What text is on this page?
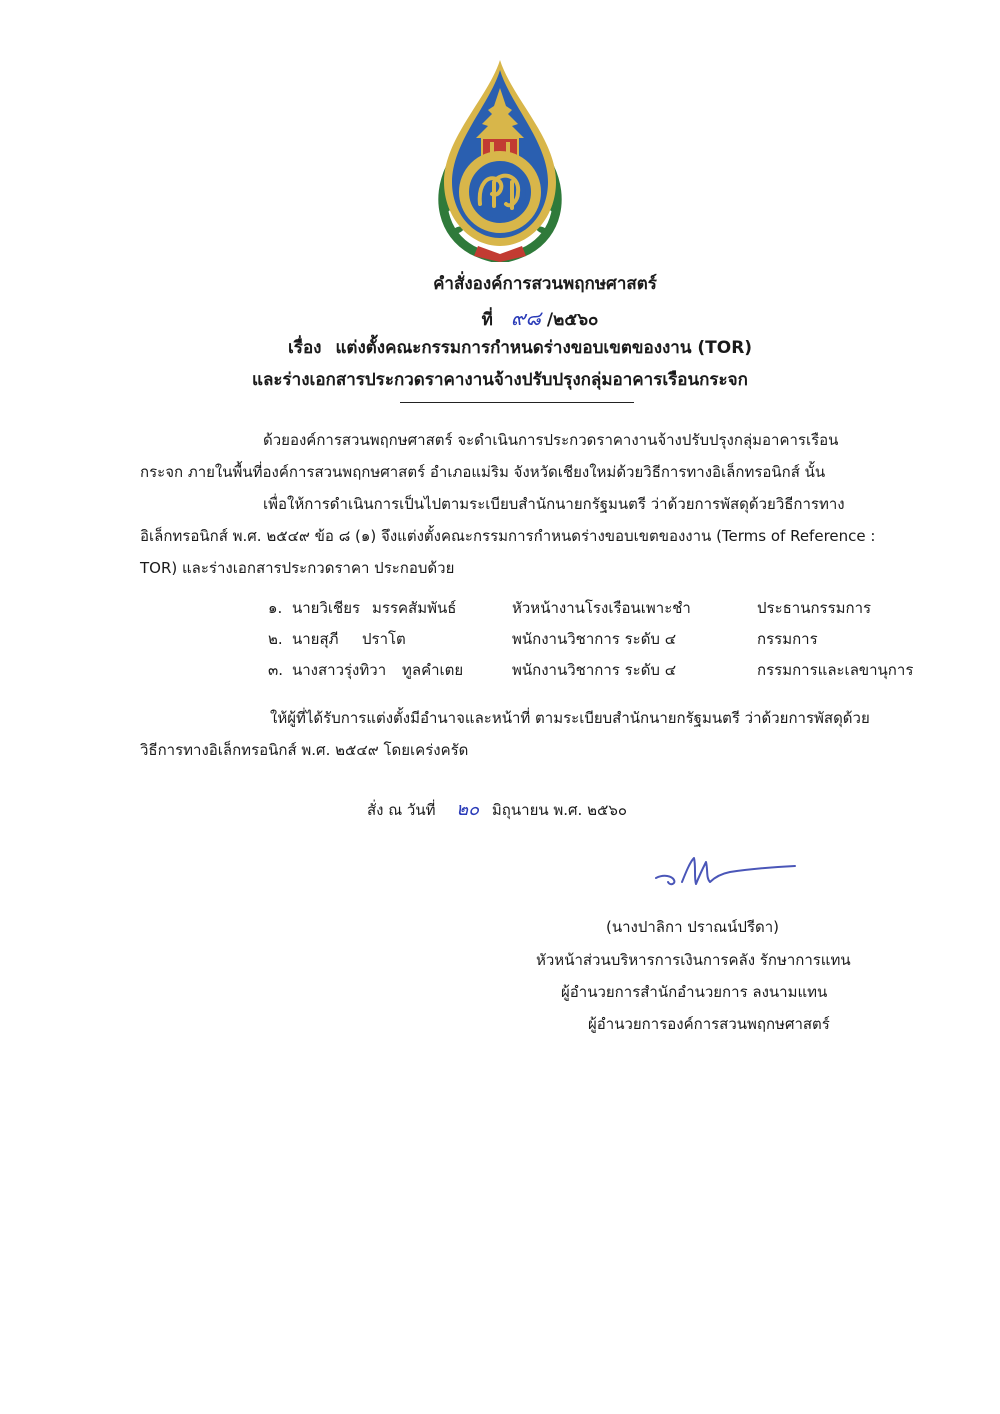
คำสั่งองค์การสวนพฤกษศาสตร์
ที่ ๙๘ /๒๕๖๐
เรื่อง แต่งตั้งคณะกรรมการกำหนดร่างขอบเขตของงาน (TOR)
และร่างเอกสารประกวดราคางานจ้างปรับปรุงกลุ่มอาคารเรือนกระจก
ด้วยองค์การสวนพฤกษศาสตร์ จะดำเนินการประกวดราคางานจ้างปรับปรุงกลุ่มอาคารเรือน
กระจก ภายในพื้นที่องค์การสวนพฤกษศาสตร์ อำเภอแม่ริม จังหวัดเชียงใหม่ด้วยวิธีการทางอิเล็กทรอนิกส์ นั้น
เพื่อให้การดำเนินการเป็นไปตามระเบียบสำนักนายกรัฐมนตรี ว่าด้วยการพัสดุด้วยวิธีการทาง
อิเล็กทรอนิกส์ พ.ศ. ๒๕๔๙ ข้อ ๘ (๑) จึงแต่งตั้งคณะกรรมการกำหนดร่างขอบเขตของงาน (Terms of Reference :
TOR) และร่างเอกสารประกวดราคา ประกอบด้วย
๑. นายวิเชียร มรรคสัมพันธ์	หัวหน้างานโรงเรือนเพาะชำ	ประธานกรรมการ
๒. นายสุภี ปราโต	พนักงานวิชาการ ระดับ ๔	กรรมการ
๓. นางสาวรุ่งทิวา ทูลคำเตย	พนักงานวิชาการ ระดับ ๔	กรรมการและเลขานุการ
ให้ผู้ที่ได้รับการแต่งตั้งมีอำนาจและหน้าที่ ตามระเบียบสำนักนายกรัฐมนตรี ว่าด้วยการพัสดุด้วย
วิธีการทางอิเล็กทรอนิกส์ พ.ศ. ๒๕๔๙ โดยเคร่งครัด
สั่ง ณ วันที่ ๒๐ มิถุนายน พ.ศ. ๒๕๖๐
(นางปาลิกา ปราณน์ปรีดา)
หัวหน้าส่วนบริหารการเงินการคลัง รักษาการแทน
ผู้อำนวยการสำนักอำนวยการ ลงนามแทน
ผู้อำนวยการองค์การสวนพฤกษศาสตร์
